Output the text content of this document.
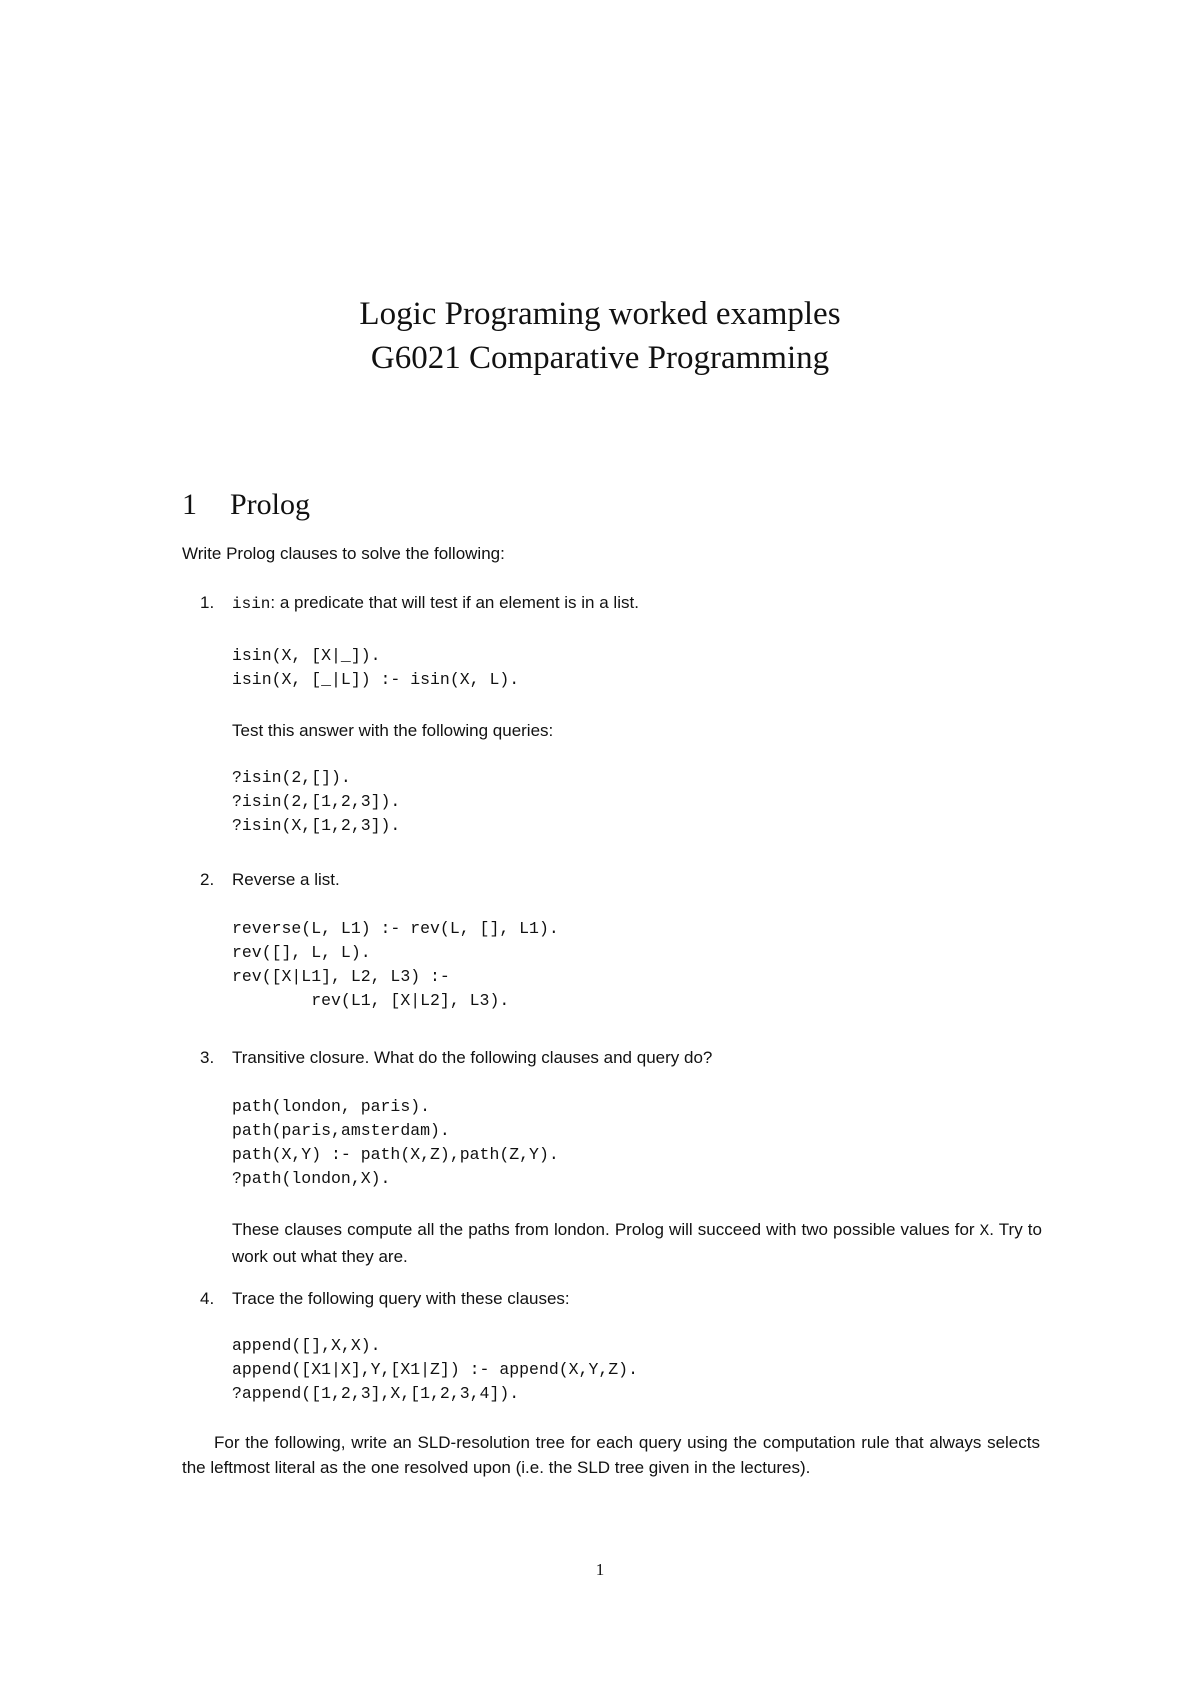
Logic Programing worked examples
G6021 Comparative Programming
1 Prolog
Write Prolog clauses to solve the following:
1. isin: a predicate that will test if an element is in a list.
isin(X, [X|_]).
isin(X, [_|L]) :- isin(X, L).
Test this answer with the following queries:
?isin(2,[]).
?isin(2,[1,2,3]).
?isin(X,[1,2,3]).
2. Reverse a list.
reverse(L, L1) :- rev(L, [], L1).
rev([], L, L).
rev([X|L1], L2, L3) :-
rev(L1, [X|L2], L3).
3. Transitive closure. What do the following clauses and query do?
path(london, paris).
path(paris,amsterdam).
path(X,Y) :- path(X,Z),path(Z,Y).
?path(london,X).
These clauses compute all the paths from london. Prolog will succeed with two possible values for X. Try to work out what they are.
4. Trace the following query with these clauses:
append([],X,X).
append([X1|X],Y,[X1|Z]) :- append(X,Y,Z).
?append([1,2,3],X,[1,2,3,4]).
For the following, write an SLD-resolution tree for each query using the computation rule that always selects the leftmost literal as the one resolved upon (i.e. the SLD tree given in the lectures).
1
